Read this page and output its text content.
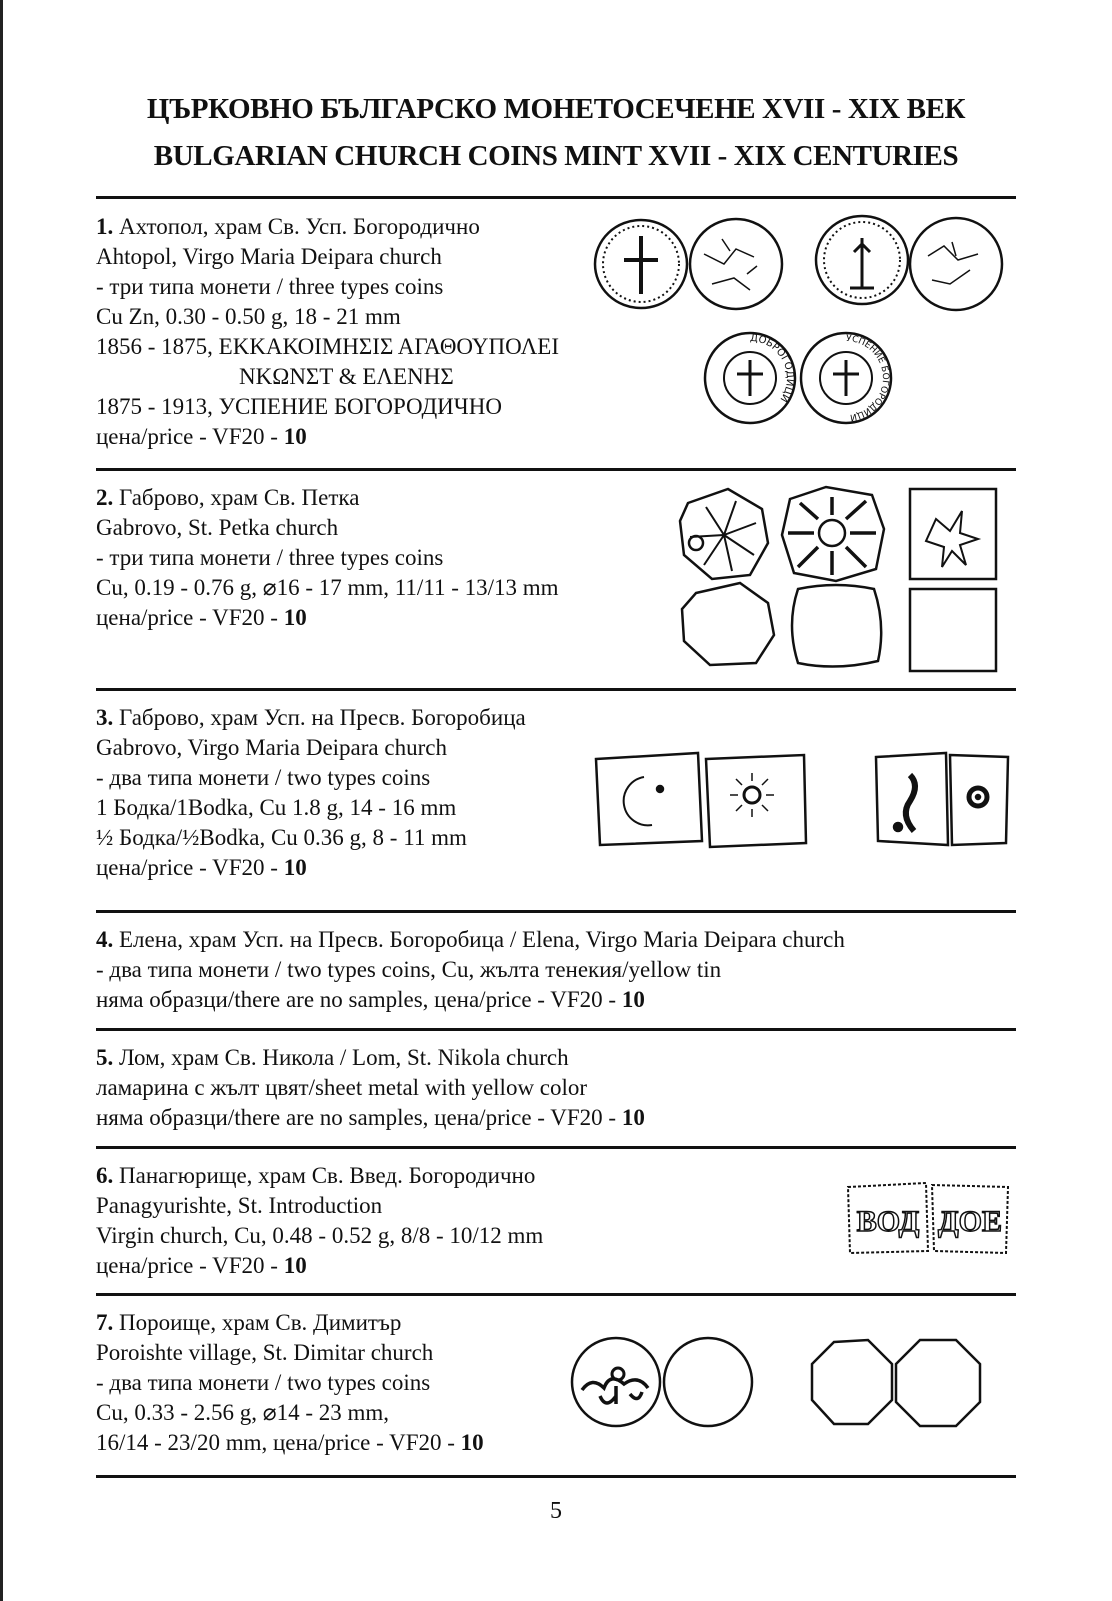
ЦЪРКОВНО БЪЛГАРСКО МОНЕТОСЕЧЕНЕ XVII - XIX ВЕК
BULGARIAN CHURCH COINS MINT XVII - XIX CENTURIES
1. Ахтопол, храм Св. Усп. Богородично
Ahtopol, Virgo Maria Deipara church
- три типа монети / three types coins
Cu Zn, 0.30 - 0.50 g, 18 - 21 mm
1856 - 1875, ΕΚΚΑΚΟΙΜΗΣΙΣ ΑΓΑΘΟΥΠΟΛΕΙ
ΝΚΩΝΣΤ & ΕΛΕΝΗΣ
1875 - 1913, УСПЕНИЕ БОГОРОДИЧНО
цена/price - VF20 - 10
ДОБРОГОДИЦИ
УСПЕНИЕ БОГОРОДИЦИ
2. Габрово, храм Св. Петка
Gabrovo, St. Petka church
- три типа монети / three types coins
Cu, 0.19 - 0.76 g, ⌀16 - 17 mm, 11/11 - 13/13 mm
цена/price - VF20 - 10
3. Габрово, храм Усп. на Пресв. Богоробица
Gabrovo, Virgo Maria Deipara church
- два типа монети / two types coins
1 Бодка/1Bodka, Cu 1.8 g, 14 - 16 mm
½ Бодка/½Bodka, Cu 0.36 g, 8 - 11 mm
цена/price - VF20 - 10
4. Елена, храм Усп. на Пресв. Богоробица / Elena, Virgo Maria Deipara church
- два типа монети / two types coins, Cu, жълта тенекия/yellow tin
няма образци/there are no samples, цена/price - VF20 - 10
5. Лом, храм Св. Никола / Lom, St. Nikola church
ламарина с жълт цвят/sheet metal with yellow color
няма образци/there are no samples, цена/price - VF20 - 10
6. Панагюрище, храм Св. Введ. Богородично
Panagyurishte, St. Introduction
Virgin church, Cu, 0.48 - 0.52 g, 8/8 - 10/12 mm
цена/price - VF20 - 10
ВОД ДОЕ
7. Пороище, храм Св. Димитър
Poroishte village, St. Dimitar church
- два типа монети / two types coins
Cu, 0.33 - 2.56 g, ⌀14 - 23 mm,
16/14 - 23/20 mm, цена/price - VF20 - 10
5
